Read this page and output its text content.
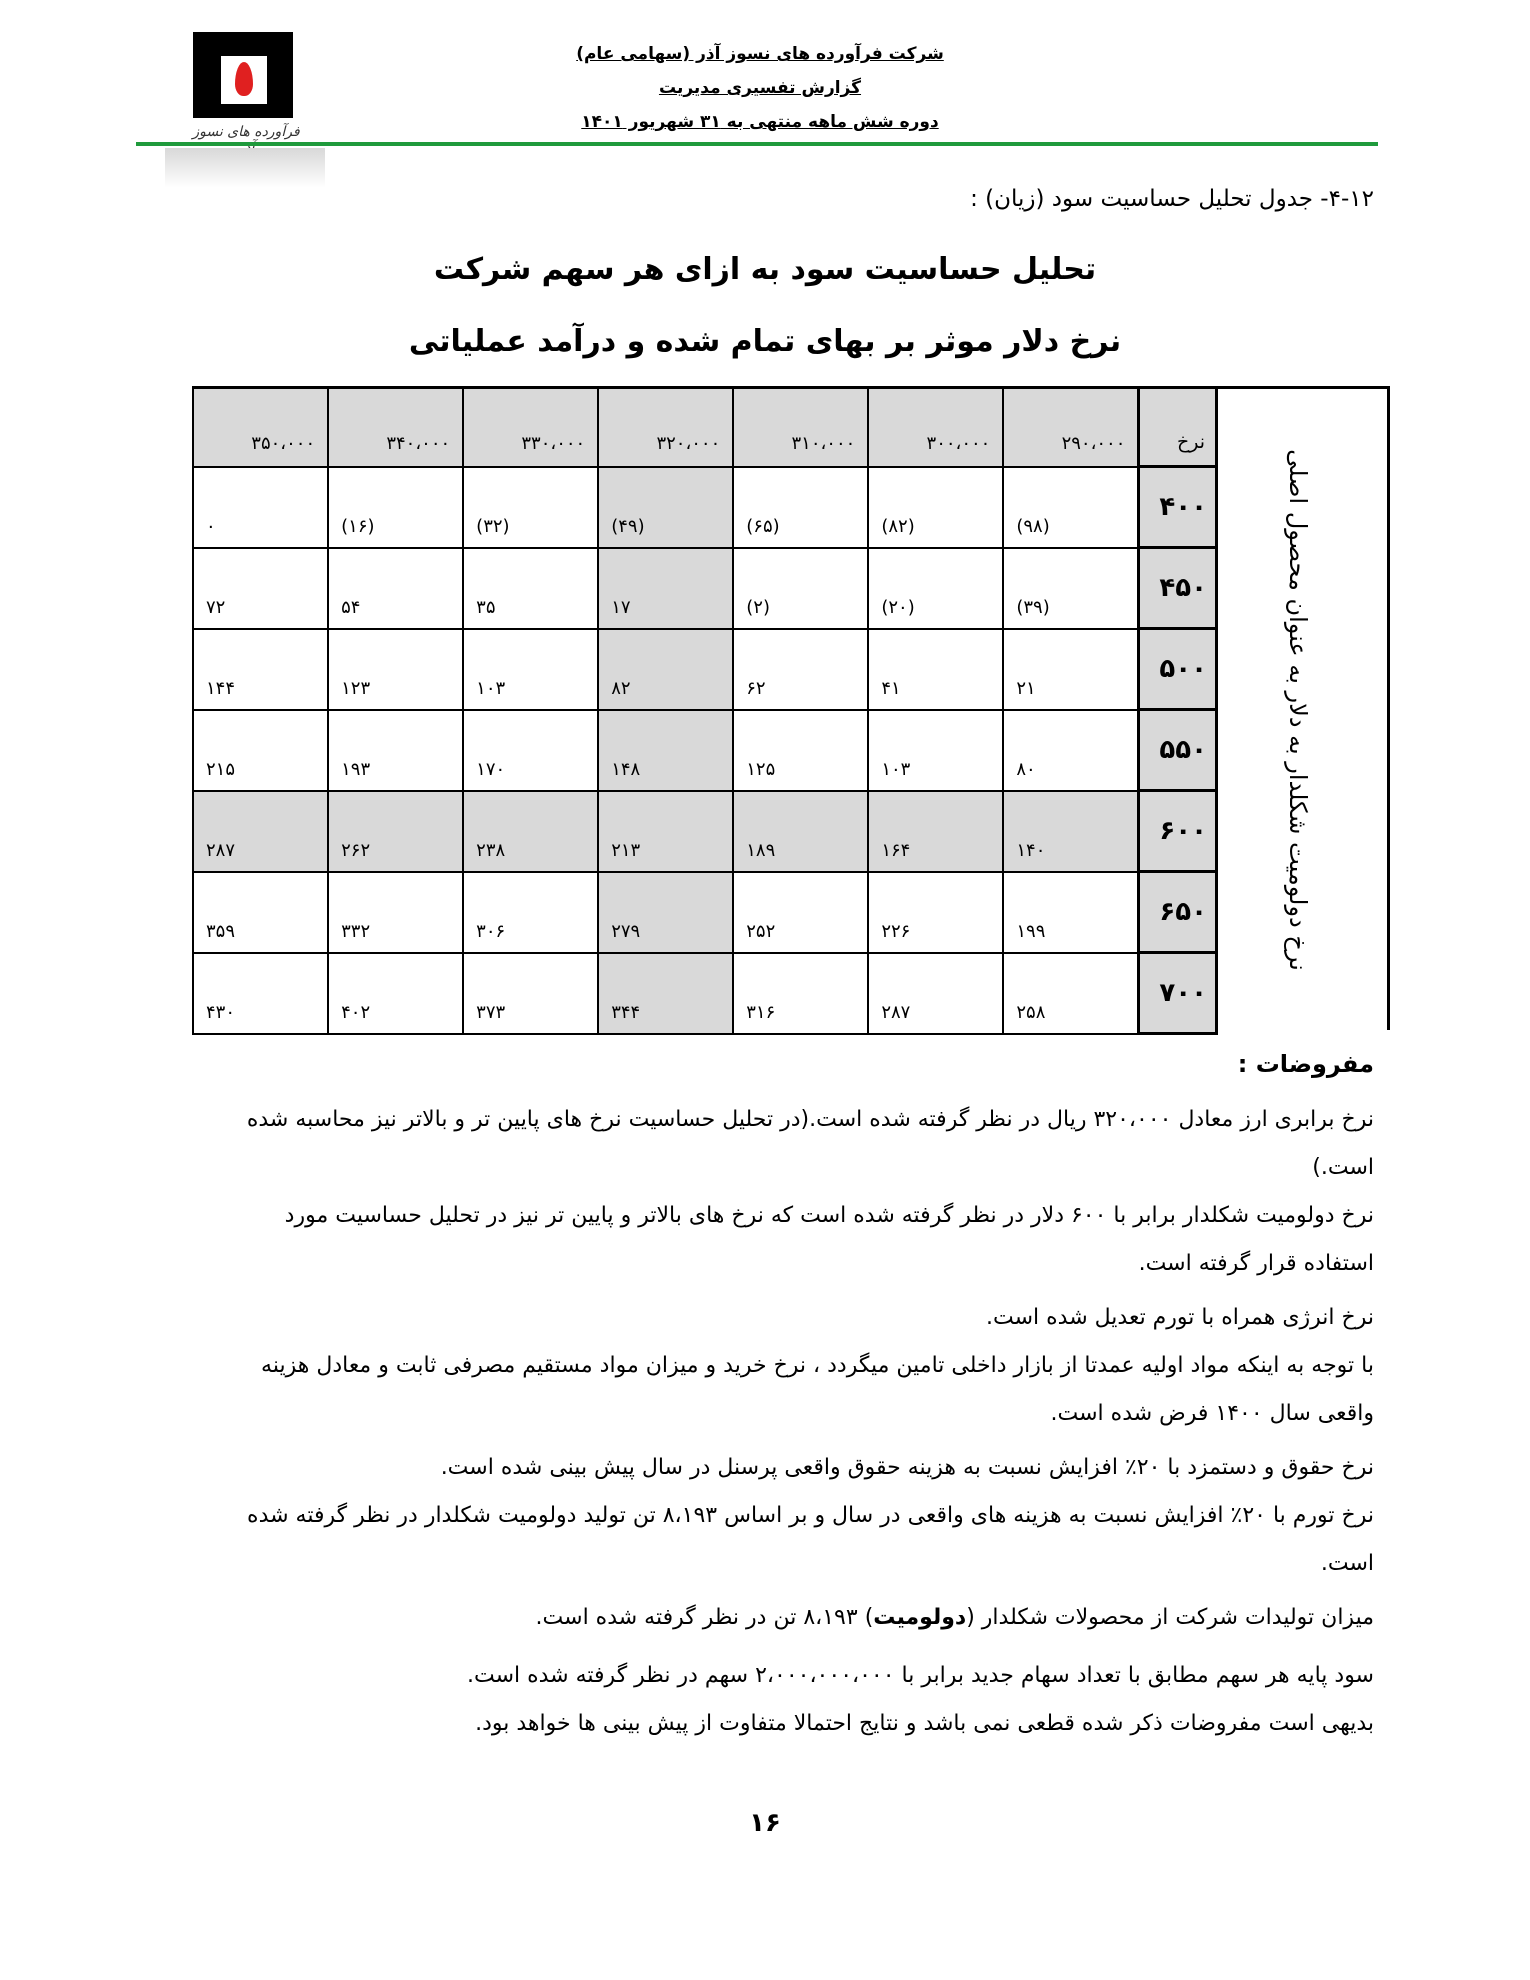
فرآورده های نسوز
شرکت فرآورده های نسوز آذر (سهامی عام)
گزارش تفسیری مدیریت
دوره شش ماهه منتهی به ۳۱ شهریور ۱۴۰۱
۴-۱۲- جدول تحلیل حساسیت سود (زیان) :
تحلیل حساسیت سود به ازای هر سهم شرکت
نرخ دلار موثر بر بهای تمام شده و درآمد عملیاتی
نرخ	۲۹۰،۰۰۰	۳۰۰،۰۰۰	۳۱۰،۰۰۰	۳۲۰،۰۰۰	۳۳۰،۰۰۰	۳۴۰،۰۰۰	۳۵۰،۰۰۰

۴۰۰	(۹۸)	(۸۲)	(۶۵)	(۴۹)	(۳۲)	(۱۶)	۰

۴۵۰	(۳۹)	(۲۰)	(۲)	۱۷	۳۵	۵۴	۷۲

۵۰۰	۲۱	۴۱	۶۲	۸۲	۱۰۳	۱۲۳	۱۴۴

۵۵۰	۸۰	۱۰۳	۱۲۵	۱۴۸	۱۷۰	۱۹۳	۲۱۵

۶۰۰	۱۴۰	۱۶۴	۱۸۹	۲۱۳	۲۳۸	۲۶۲	۲۸۷

۶۵۰	۱۹۹	۲۲۶	۲۵۲	۲۷۹	۳۰۶	۳۳۲	۳۵۹

۷۰۰	۲۵۸	۲۸۷	۳۱۶	۳۴۴	۳۷۳	۴۰۲	۴۳۰
نرخ دولومیت شکلدار به دلار به عنوان محصول اصلی
مفروضات :
نرخ برابری ارز معادل ۳۲۰،۰۰۰ ریال در نظر گرفته شده است.(در تحلیل حساسیت نرخ های پایین تر و بالاتر نیز محاسبه شده است.)
نرخ دولومیت شکلدار برابر با ۶۰۰ دلار در نظر گرفته شده است که نرخ های بالاتر و پایین تر نیز در تحلیل حساسیت مورد استفاده قرار گرفته است.
نرخ انرژی همراه با تورم تعدیل شده است.
با توجه به اینکه مواد اولیه عمدتا از بازار داخلی تامین میگردد ، نرخ خرید و میزان مواد مستقیم مصرفی ثابت و معادل هزینه واقعی سال ۱۴۰۰ فرض شده است.
نرخ حقوق و دستمزد با ۲۰٪ افزایش نسبت به هزینه حقوق واقعی پرسنل در سال پیش بینی شده است.
نرخ تورم با ۲۰٪ افزایش نسبت به هزینه های واقعی در سال و بر اساس ۸،۱۹۳ تن تولید دولومیت شکلدار در نظر گرفته شده است.
میزان تولیدات شرکت از محصولات شکلدار (دولومیت) ۸،۱۹۳ تن در نظر گرفته شده است.
سود پایه هر سهم مطابق با تعداد سهام جدید برابر با ۲،۰۰۰،۰۰۰،۰۰۰ سهم در نظر گرفته شده است.
بدیهی است مفروضات ذکر شده قطعی نمی باشد و نتایج احتمالا متفاوت از پیش بینی ها خواهد بود.
۱۶
